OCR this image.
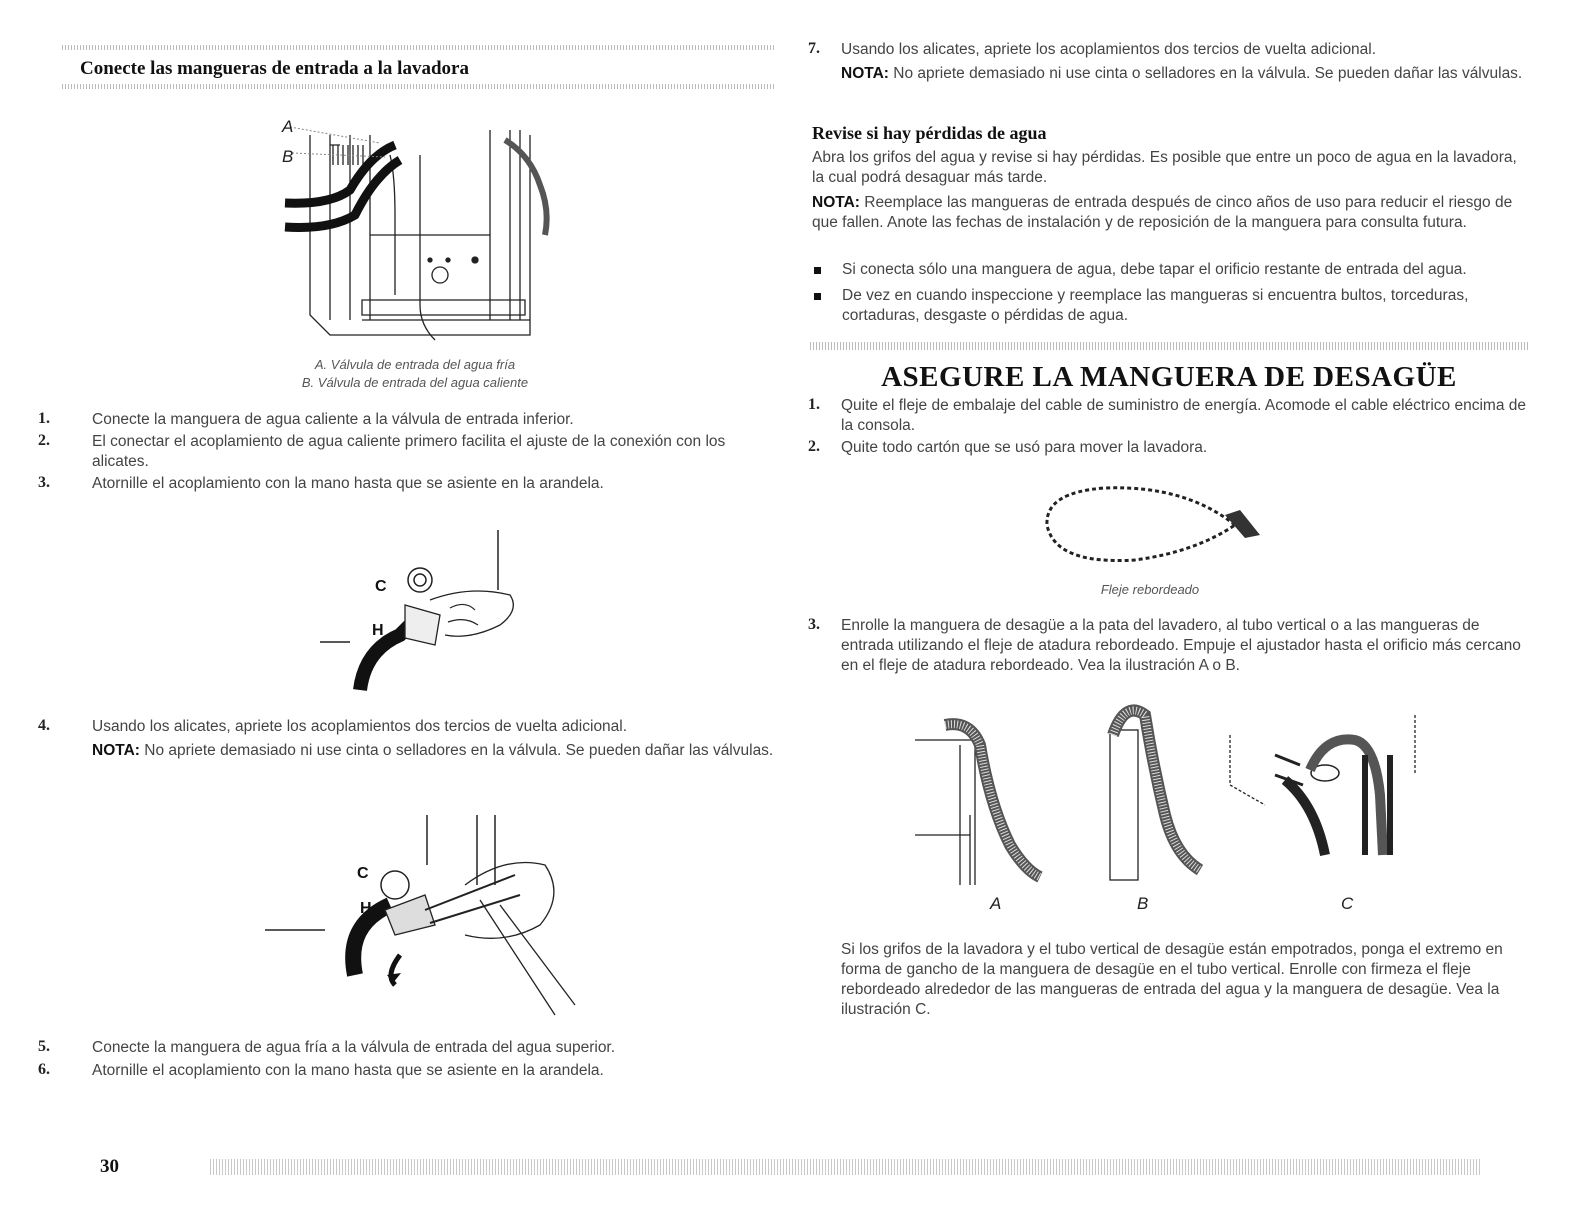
Conecte las mangueras de entrada a la lavadora
A
B
A. Válvula de entrada del agua fría
B. Válvula de entrada del agua caliente
1.	Conecte la manguera de agua caliente a la válvula de entrada inferior.
2.	El conectar el acoplamiento de agua caliente primero facilita el ajuste de la conexión con los alicates.
3.	Atornille el acoplamiento con la mano hasta que se asiente en la arandela.
C
H
4.	Usando los alicates, apriete los acoplamientos dos tercios de vuelta adicional.
NOTA: No apriete demasiado ni use cinta o selladores en la válvula. Se pueden dañar las válvulas.
C
H
5.	Conecte la manguera de agua fría a la válvula de entrada del agua superior.
6.	Atornille el acoplamiento con la mano hasta que se asiente en la arandela.
30
7. Usando los alicates, apriete los acoplamientos dos tercios de vuelta adicional.
NOTA: No apriete demasiado ni use cinta o selladores en la válvula. Se pueden dañar las válvulas.
Revise si hay pérdidas de agua
Abra los grifos del agua y revise si hay pérdidas. Es posible que entre un poco de agua en la lavadora, la cual podrá desaguar más tarde.
NOTA: Reemplace las mangueras de entrada después de cinco años de uso para reducir el riesgo de que fallen. Anote las fechas de instalación y de reposición de la manguera para consulta futura.
Si conecta sólo una manguera de agua, debe tapar el orificio restante de entrada del agua.
De vez en cuando inspeccione y reemplace las mangueras si encuentra bultos, torceduras, cortaduras, desgaste o pérdidas de agua.
ASEGURE LA MANGUERA DE DESAGÜE
1. Quite el fleje de embalaje del cable de suministro de energía. Acomode el cable eléctrico encima de la consola.
2. Quite todo cartón que se usó para mover la lavadora.
Fleje rebordeado
3. Enrolle la manguera de desagüe a la pata del lavadero, al tubo vertical o a las mangueras de entrada utilizando el fleje de atadura rebordeado. Empuje el ajustador hasta el orificio más cercano en el fleje de atadura rebordeado. Vea la ilustración A o B.
A	B	C
Si los grifos de la lavadora y el tubo vertical de desagüe están empotrados, ponga el extremo en forma de gancho de la manguera de desagüe en el tubo vertical. Enrolle con firmeza el fleje rebordeado alrededor de las mangueras de entrada del agua y la manguera de desagüe. Vea la ilustración C.
